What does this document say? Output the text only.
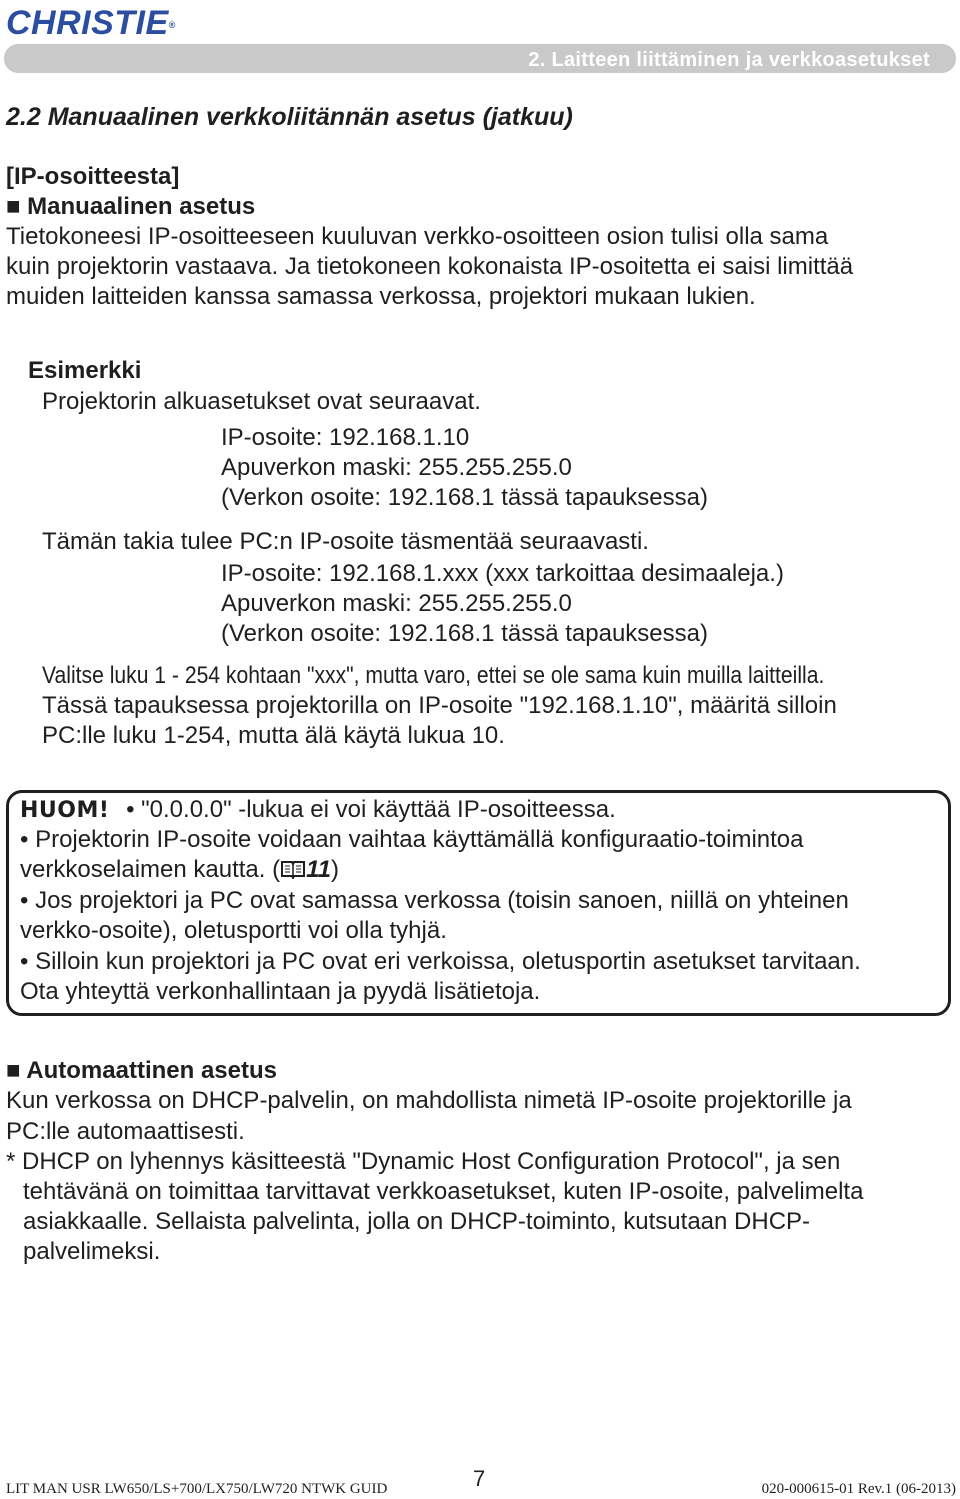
CHRISTIE®
2. Laitteen liittäminen ja verkkoasetukset
2.2 Manuaalinen verkkoliitännän asetus (jatkuu)
[IP-osoitteesta]
■ Manuaalinen asetus
Tietokoneesi IP-osoitteeseen kuuluvan verkko-osoitteen osion tulisi olla sama
kuin projektorin vastaava. Ja tietokoneen kokonaista IP-osoitetta ei saisi limittää
muiden laitteiden kanssa samassa verkossa, projektori mukaan lukien.
Esimerkki
Projektorin alkuasetukset ovat seuraavat.
IP-osoite: 192.168.1.10
Apuverkon maski: 255.255.255.0
(Verkon osoite: 192.168.1 tässä tapauksessa)
Tämän takia tulee PC:n IP-osoite täsmentää seuraavasti.
IP-osoite: 192.168.1.xxx (xxx tarkoittaa desimaaleja.)
Apuverkon maski: 255.255.255.0
(Verkon osoite: 192.168.1 tässä tapauksessa)
Valitse luku 1 - 254 kohtaan "xxx", mutta varo, ettei se ole sama kuin muilla laitteilla.
Tässä tapauksessa projektorilla on IP-osoite "192.168.1.10", määritä silloin
PC:lle luku 1-254, mutta älä käytä lukua 10.
HUOM! • "0.0.0.0" -lukua ei voi käyttää IP-osoitteessa.
• Projektorin IP-osoite voidaan vaihtaa käyttämällä konfiguraatio-toimintoa
verkkoselaimen kautta. ( 11)
• Jos projektori ja PC ovat samassa verkossa (toisin sanoen, niillä on yhteinen
verkko-osoite), oletusportti voi olla tyhjä.
• Silloin kun projektori ja PC ovat eri verkoissa, oletusportin asetukset tarvitaan.
Ota yhteyttä verkonhallintaan ja pyydä lisätietoja.
■ Automaattinen asetus
Kun verkossa on DHCP-palvelin, on mahdollista nimetä IP-osoite projektorille ja
PC:lle automaattisesti.
* DHCP on lyhennys käsitteestä "Dynamic Host Configuration Protocol", ja sen
tehtävänä on toimittaa tarvittavat verkkoasetukset, kuten IP-osoite, palvelimelta
asiakkaalle. Sellaista palvelinta, jolla on DHCP-toiminto, kutsutaan DHCP-
palvelimeksi.
LIT MAN USR LW650/LS+700/LX750/LW720 NTWK GUID	7	020-000615-01 Rev.1 (06-2013)
